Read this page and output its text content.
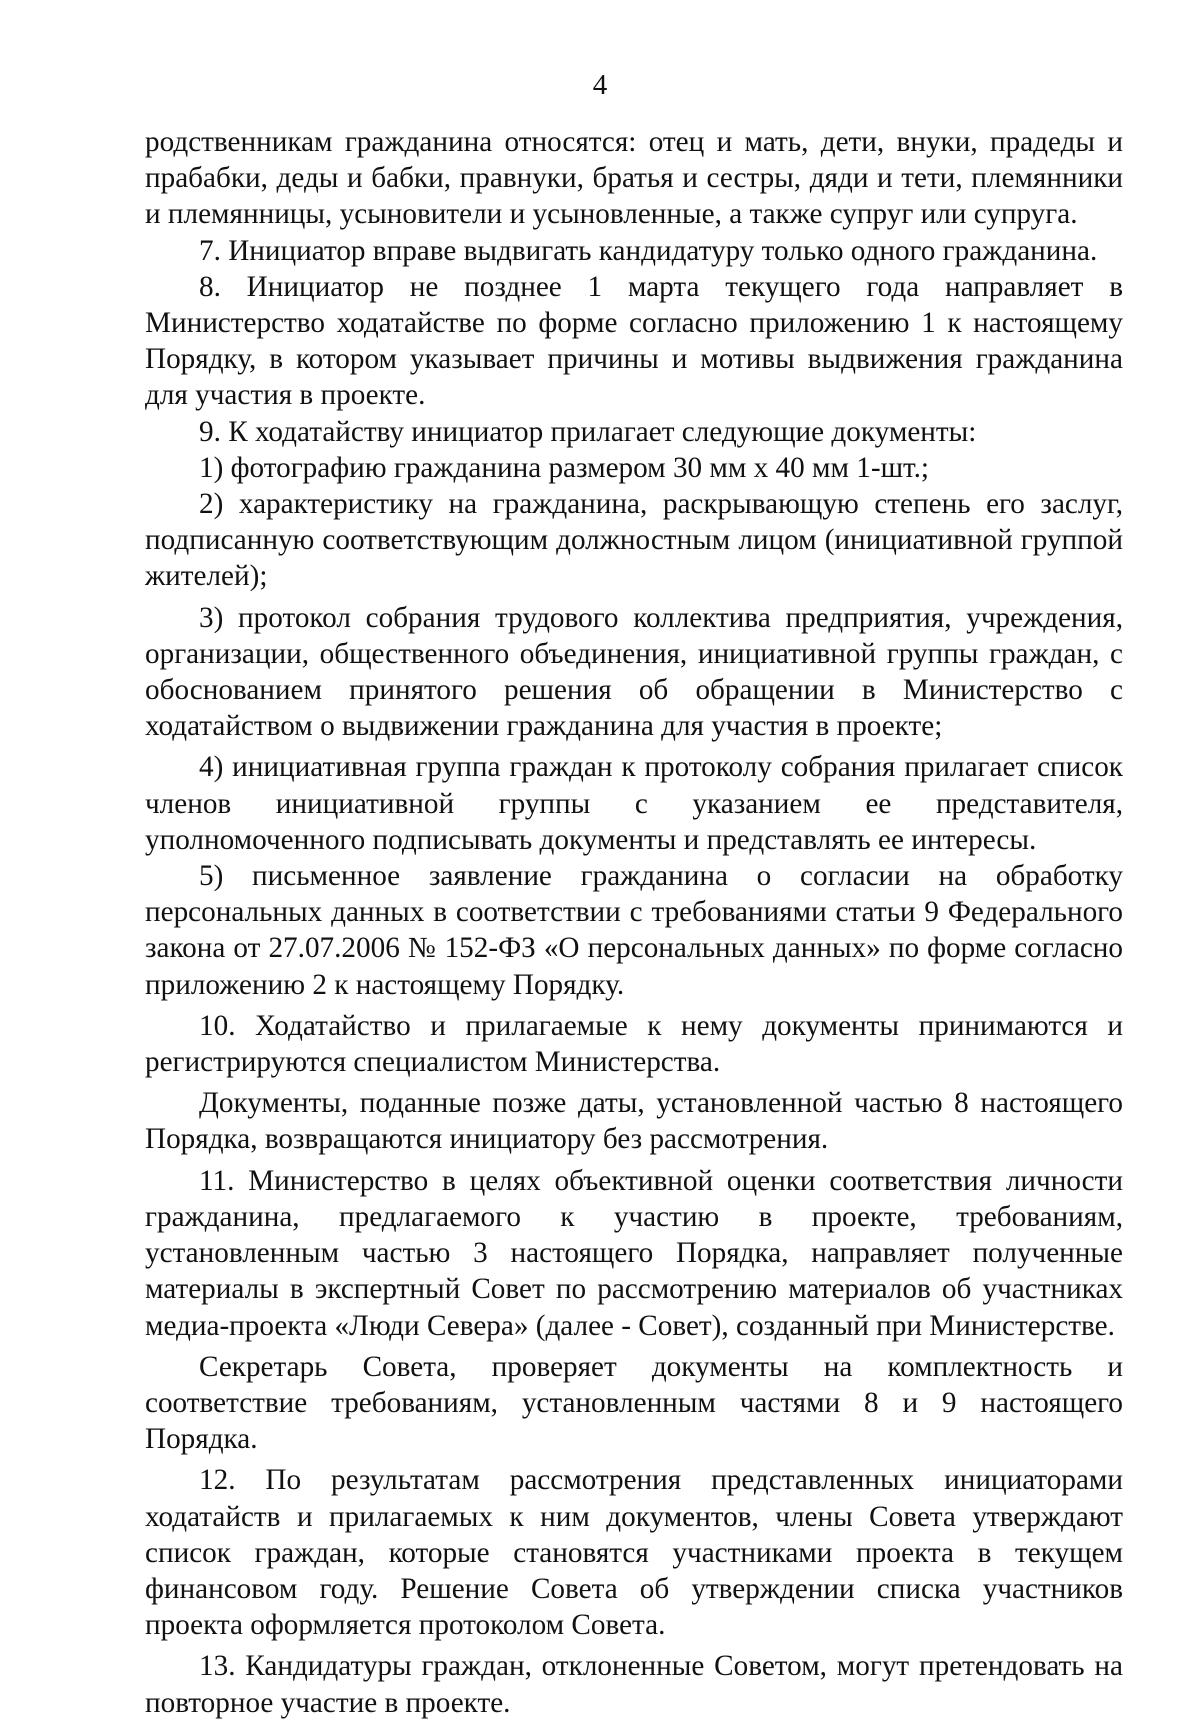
4

родственникам гражданина относятся: отец и мать, дети, внуки, прадеды и прабабки, деды и бабки, правнуки, братья и сестры, дяди и тети, племянники и племянницы, усыновители и усыновленные, а также супруг или супруга.

7. Инициатор вправе выдвигать кандидатуру только одного гражданина.

8. Инициатор не позднее 1 марта текущего года направляет в Министерство ходатайстве по форме согласно приложению 1 к настоящему Порядку, в котором указывает причины и мотивы выдвижения гражданина для участия в проекте.

9. К ходатайству инициатор прилагает следующие документы:

1) фотографию гражданина размером 30 мм х 40 мм 1-шт.;

2) характеристику на гражданина, раскрывающую степень его заслуг, подписанную соответствующим должностным лицом (инициативной группой жителей);

3) протокол собрания трудового коллектива предприятия, учреждения, организации, общественного объединения, инициативной группы граждан, с обоснованием принятого решения об обращении в Министерство с ходатайством о выдвижении гражданина для участия в проекте;

4) инициативная группа граждан к протоколу собрания прилагает список членов инициативной группы с указанием ее представителя, уполномоченного подписывать документы и представлять ее интересы.

5) письменное заявление гражданина о согласии на обработку персональных данных в соответствии с требованиями статьи 9 Федерального закона от 27.07.2006 № 152-ФЗ «О персональных данных» по форме согласно приложению 2 к настоящему Порядку.

10. Ходатайство и прилагаемые к нему документы принимаются и регистрируются специалистом Министерства.

Документы, поданные позже даты, установленной частью 8 настоящего Порядка, возвращаются инициатору без рассмотрения.

11. Министерство в целях объективной оценки соответствия личности гражданина, предлагаемого к участию в проекте, требованиям, установленным частью 3 настоящего Порядка, направляет полученные материалы в экспертный Совет по рассмотрению материалов об участниках медиа-проекта «Люди Севера» (далее - Совет), созданный при Министерстве.

Секретарь Совета, проверяет документы на комплектность и соответствие требованиям, установленным частями 8 и 9 настоящего Порядка.

12. По результатам рассмотрения представленных инициаторами ходатайств и прилагаемых к ним документов, члены Совета утверждают список граждан, которые становятся участниками проекта в текущем финансовом году. Решение Совета об утверждении списка участников проекта оформляется протоколом Совета.

13. Кандидатуры граждан, отклоненные Советом, могут претендовать на повторное участие в проекте.
